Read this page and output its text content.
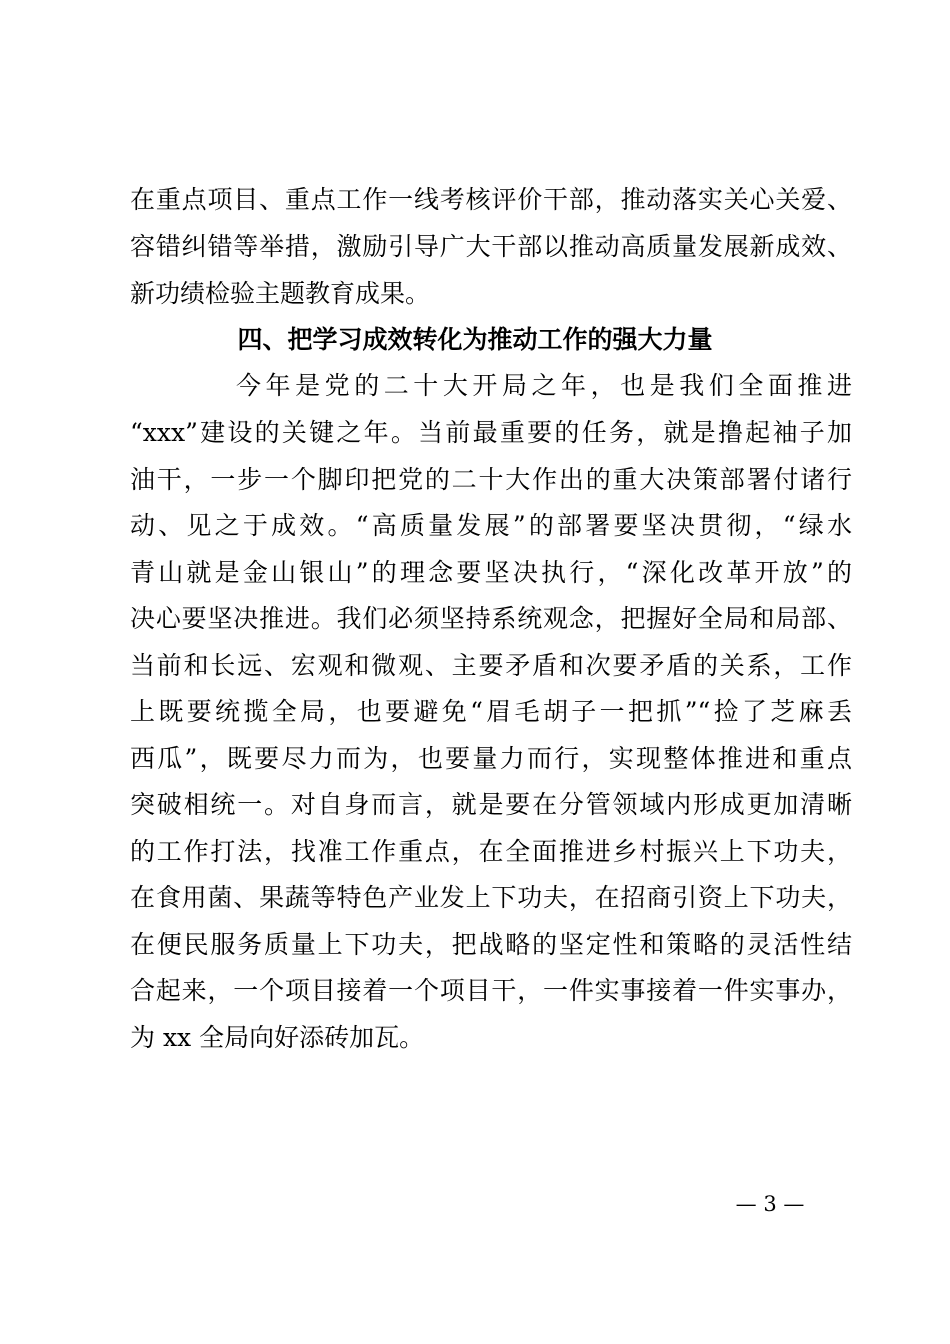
在重点项目、重点工作一线考核评价干部，推动落实关心关爱、
容错纠错等举措，激励引导广大干部以推动高质量发展新成效、
新功绩检验主题教育成果。
四、把学习成效转化为推动工作的强大力量
今年是党的二十大开局之年，也是我们全面推进
“xxx”建设的关键之年。当前最重要的任务，就是撸起袖子加
油干，一步一个脚印把党的二十大作出的重大决策部署付诸行
动、见之于成效。“高质量发展”的部署要坚决贯彻，“绿水
青山就是金山银山”的理念要坚决执行，“深化改革开放”的
决心要坚决推进。我们必须坚持系统观念，把握好全局和局部、
当前和长远、宏观和微观、主要矛盾和次要矛盾的关系，工作
上既要统揽全局，也要避免“眉毛胡子一把抓”“捡了芝麻丢
西瓜”，既要尽力而为，也要量力而行，实现整体推进和重点
突破相统一。对自身而言，就是要在分管领域内形成更加清晰
的工作打法，找准工作重点，在全面推进乡村振兴上下功夫，
在食用菌、果蔬等特色产业发上下功夫，在招商引资上下功夫，
在便民服务质量上下功夫，把战略的坚定性和策略的灵活性结
合起来，一个项目接着一个项目干，一件实事接着一件实事办，
为 xx 全局向好添砖加瓦。
— 3 —
